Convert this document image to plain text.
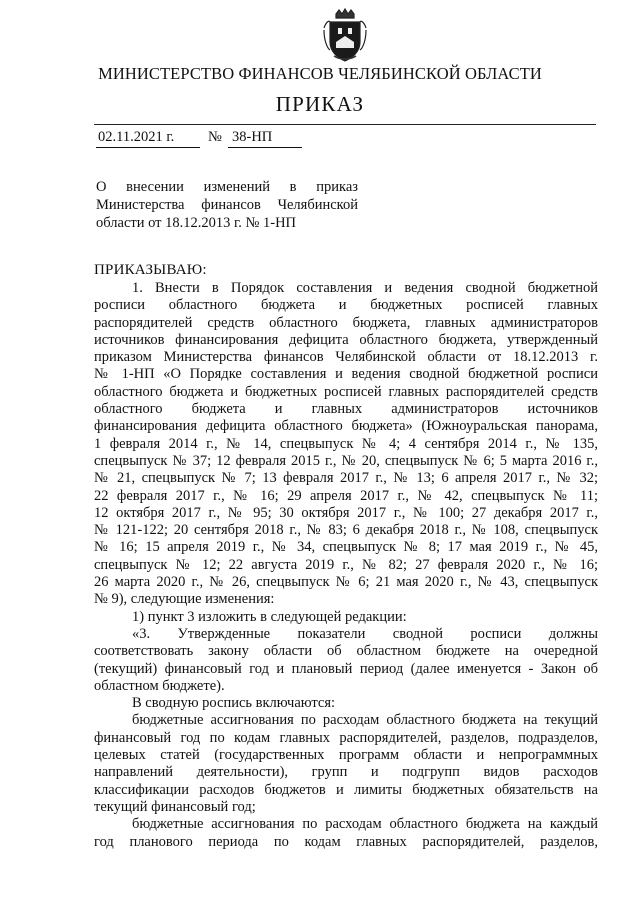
МИНИСТЕРСТВО ФИНАНСОВ ЧЕЛЯБИНСКОЙ ОБЛАСТИ
ПРИКАЗ
02.11.2021 г.	№ 38-НП
О внесении изменений в приказ
Министерства финансов Челябинской
области от 18.12.2013 г. № 1-НП
ПРИКАЗЫВАЮ:
1. Внести в Порядок составления и ведения сводной бюджетной
росписи областного бюджета и бюджетных росписей главных
распорядителей средств областного бюджета, главных администраторов
источников финансирования дефицита областного бюджета, утвержденный
приказом Министерства финансов Челябинской области от 18.12.2013 г.
№ 1-НП «О Порядке составления и ведения сводной бюджетной росписи
областного бюджета и бюджетных росписей главных распорядителей средств
областного бюджета и главных администраторов источников
финансирования дефицита областного бюджета» (Южноуральская панорама,
1 февраля 2014 г., № 14, спецвыпуск № 4; 4 сентября 2014 г., № 135,
спецвыпуск № 37; 12 февраля 2015 г., № 20, спецвыпуск № 6; 5 марта 2016 г.,
№ 21, спецвыпуск № 7; 13 февраля 2017 г., № 13; 6 апреля 2017 г., № 32;
22 февраля 2017 г., № 16; 29 апреля 2017 г., № 42, спецвыпуск № 11;
12 октября 2017 г., № 95; 30 октября 2017 г., № 100; 27 декабря 2017 г.,
№ 121-122; 20 сентября 2018 г., № 83; 6 декабря 2018 г., № 108, спецвыпуск
№ 16; 15 апреля 2019 г., № 34, спецвыпуск № 8; 17 мая 2019 г., № 45,
спецвыпуск № 12; 22 августа 2019 г., № 82; 27 февраля 2020 г., № 16;
26 марта 2020 г., № 26, спецвыпуск № 6; 21 мая 2020 г., № 43, спецвыпуск
№ 9), следующие изменения:
1) пункт 3 изложить в следующей редакции:
«3. Утвержденные показатели сводной росписи должны
соответствовать закону области об областном бюджете на очередной
(текущий) финансовый год и плановый период (далее именуется - Закон об
областном бюджете).
В сводную роспись включаются:
бюджетные ассигнования по расходам областного бюджета на текущий
финансовый год по кодам главных распорядителей, разделов, подразделов,
целевых статей (государственных программ области и непрограммных
направлений деятельности), групп и подгрупп видов расходов
классификации расходов бюджетов и лимиты бюджетных обязательств на
текущий финансовый год;
бюджетные ассигнования по расходам областного бюджета на каждый
год планового периода по кодам главных распорядителей, разделов,
